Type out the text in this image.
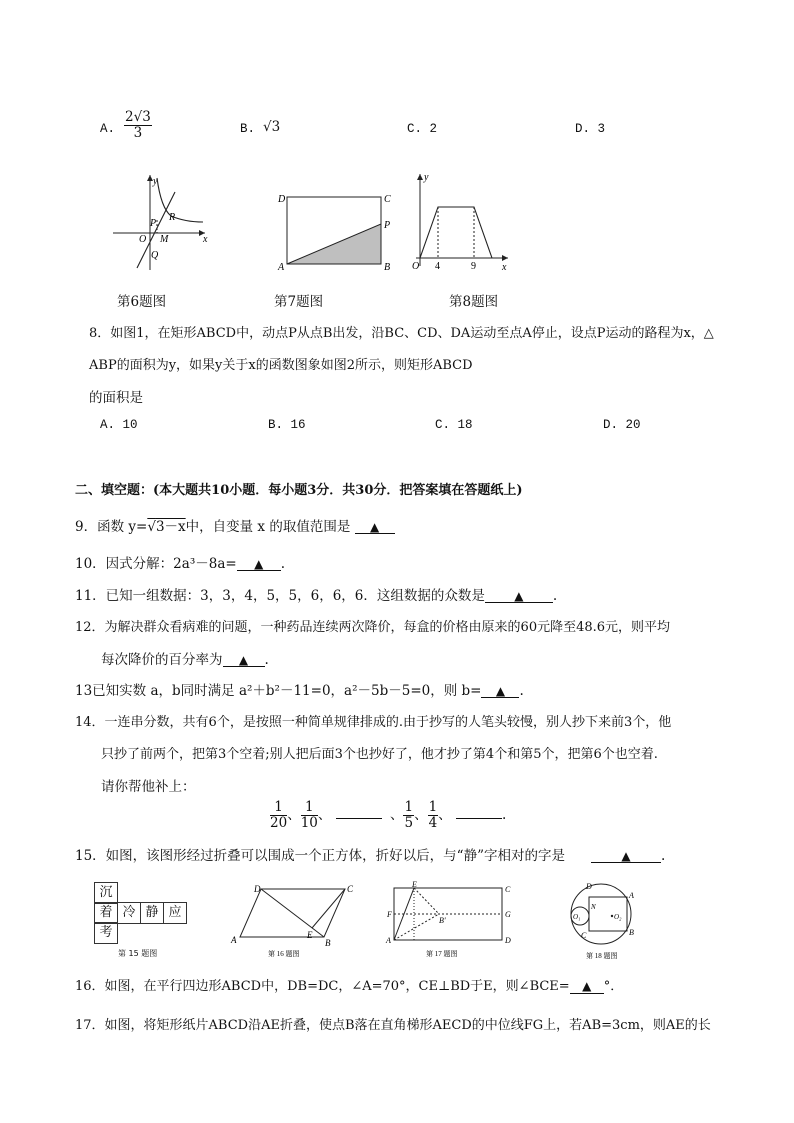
A. $\frac{2√3}{3}$	B. √3	C. 2	D. 3
y
x
O
P
R
M
Q
第6题图
D	C
P
A	B
第7题图
y
x
O 4	9
第8题图
8．如图1，在矩形ABCD中，动点P从点B出发，沿BC、CD、DA运动至点A停止，设点P运动的路程为x，△
ABP的面积为y，如果y关于x的函数图象如图2所示，则矩形ABCD
的面积是
A. 10	B. 16	C. 18	D. 20
二、填空题：(本大题共10小题．每小题3分．共30分．把答案填在答题纸上)
9．函数 y=√3－x中，自变量 x 的取值范围是 ▲
10．因式分解：2a³－8a= ▲ .
11．已知一组数据：3，3，4，5，5，6，6，6．这组数据的众数是 ▲ .
12．为解决群众看病难的问题，一种药品连续两次降价，每盒的价格由原来的60元降至48.6元，则平均
每次降价的百分率为 ▲ .
13已知实数 a，b同时满足 a²＋b²－11=0，a²－5b－5=0，则 b= ▲ .
14．一连串分数，共有6个，是按照一种简单规律排成的.由于抄写的人笔头较慢，别人抄下来前3个，他
只抄了前两个，把第3个空着;别人把后面3个也抄好了，他才抄了第4个和第5个，把第6个也空着.
请你帮他补上：
$\frac{1}{20}$ 、 $\frac{1}{10}$ 、	、 $\frac{1}{5}$ 、 $\frac{1}{4}$ 、	.
15．如图，该图形经过折叠可以围成一个正方体，折好以后，与“静”字相对的字是	▲ .
沉
着 冷 静 应
考
第 15 题图
D	C
A	B
E
第 16 题图
E
C
G
D
A
F
B'
第 17 题图
D
A
B
C
N
O₁	O₂
第 18 题图
16．如图，在平行四边形ABCD中，DB=DC，∠A=70°，CE⊥BD于E，则∠BCE= ▲ °．
17．如图，将矩形纸片ABCD沿AE折叠，使点B落在直角梯形AECD的中位线FG上，若AB=3cm，则AE的长
